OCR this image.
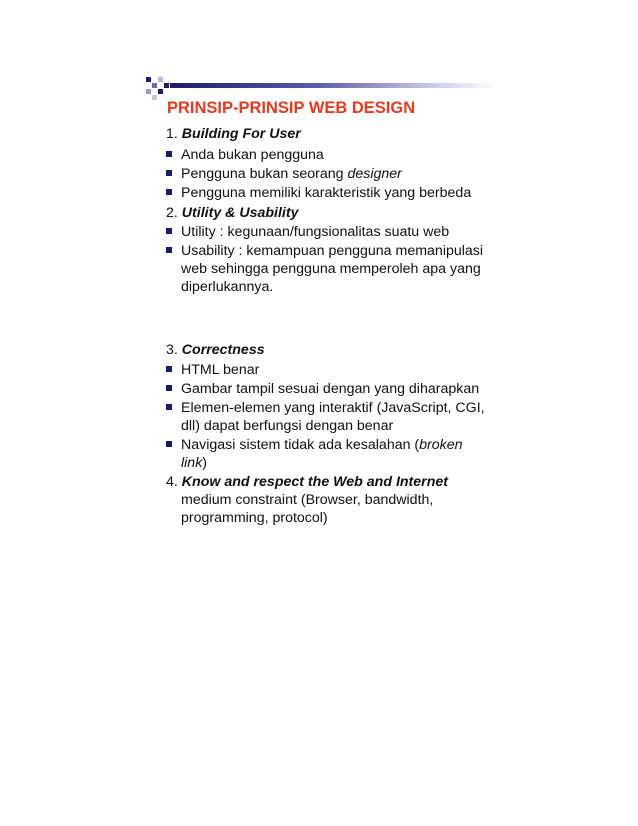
PRINSIP-PRINSIP WEB DESIGN
1. Building For User
Anda bukan pengguna
Pengguna bukan seorang designer
Pengguna memiliki karakteristik yang berbeda
2. Utility & Usability
Utility : kegunaan/fungsionalitas suatu web
Usability : kemampuan pengguna memanipulasi
web sehingga pengguna memperoleh apa yang
diperlukannya.
3. Correctness
HTML benar
Gambar tampil sesuai dengan yang diharapkan
Elemen-elemen yang interaktif (JavaScript, CGI,
dll) dapat berfungsi dengan benar
Navigasi sistem tidak ada kesalahan (broken
link)
4. Know and respect the Web and Internet
medium constraint (Browser, bandwidth,
programming, protocol)
